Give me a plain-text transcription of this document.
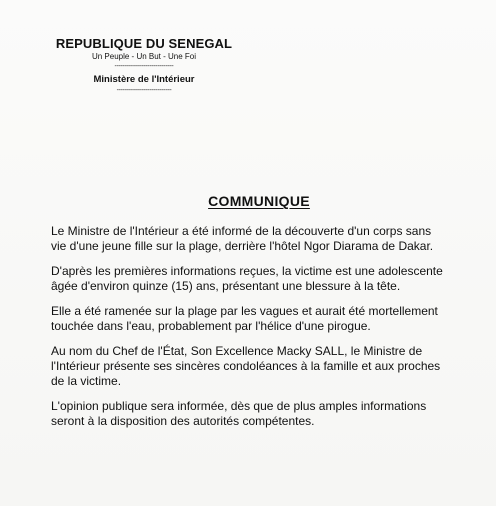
REPUBLIQUE DU SENEGAL
Un Peuple - Un But - Une Foi
-----------------------------
Ministère de l'Intérieur
---------------------------
COMMUNIQUE

Le Ministre de l'Intérieur a été informé de la découverte d'un corps sans
vie d'une jeune fille sur la plage, derrière l'hôtel Ngor Diarama de Dakar.

D'après les premières informations reçues, la victime est une adolescente
âgée d'environ quinze (15) ans, présentant une blessure à la tête.

Elle a été ramenée sur la plage par les vagues et aurait été mortellement
touchée dans l'eau, probablement par l'hélice d'une pirogue.

Au nom du Chef de l'État, Son Excellence Macky SALL, le Ministre de
l'Intérieur présente ses sincères condoléances à la famille et aux proches
de la victime.

L'opinion publique sera informée, dès que de plus amples informations
seront à la disposition des autorités compétentes.
